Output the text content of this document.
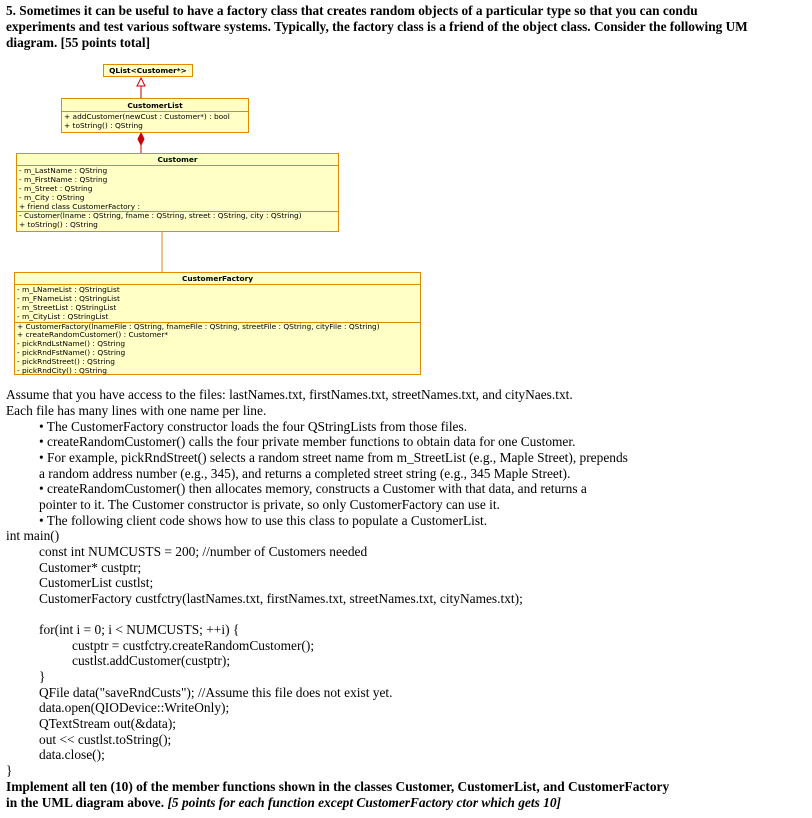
5. Sometimes it can be useful to have a factory class that creates random objects of a particular type so that you can condu
experiments and test various software systems. Typically, the factory class is a friend of the object class. Consider the following UM
diagram. [55 points total]
QList<Customer*>
CustomerList
+ addCustomer(newCust : Customer*) : bool
+ toString() : QString
Customer
- m_LastName : QString
- m_FirstName : QString
- m_Street : QString
- m_City : QString
+ friend class CustomerFactory :
- Customer(lname : QString, fname : QString, street : QString, city : QString)
+ toString() : QString
CustomerFactory
- m_LNameList : QStringList
- m_FNameList : QStringList
- m_StreetList : QStringList
- m_CityList : QStringList
+ CustomerFactory(lnameFile : QString, fnameFile : QString, streetFile : QString, cityFile : QString)
+ createRandomCustomer() : Customer*
- pickRndLstName() : QString
- pickRndFstName() : QString
- pickRndStreet() : QString
- pickRndCity() : QString
Assume that you have access to the files: lastNames.txt, firstNames.txt, streetNames.txt, and cityNaes.txt.
Each file has many lines with one name per line.
• The CustomerFactory constructor loads the four QStringLists from those files.
• createRandomCustomer() calls the four private member functions to obtain data for one Customer.
• For example, pickRndStreet() selects a random street name from m_StreetList (e.g., Maple Street), prepends
a random address number (e.g., 345), and returns a completed street string (e.g., 345 Maple Street).
• createRandomCustomer() then allocates memory, constructs a Customer with that data, and returns a
pointer to it. The Customer constructor is private, so only CustomerFactory can use it.
• The following client code shows how to use this class to populate a CustomerList.
int main()
const int NUMCUSTS = 200; //number of Customers needed
Customer* custptr;
CustomerList custlst;
CustomerFactory custfctry(lastNames.txt, firstNames.txt, streetNames.txt, cityNames.txt);
for(int i = 0; i < NUMCUSTS; ++i) {
custptr = custfctry.createRandomCustomer();
custlst.addCustomer(custptr);
}
QFile data("saveRndCusts"); //Assume this file does not exist yet.
data.open(QIODevice::WriteOnly);
QTextStream out(&data);
out << custlst.toString();
data.close();
}
Implement all ten (10) of the member functions shown in the classes Customer, CustomerList, and CustomerFactory
in the UML diagram above. [5 points for each function except CustomerFactory ctor which gets 10]
